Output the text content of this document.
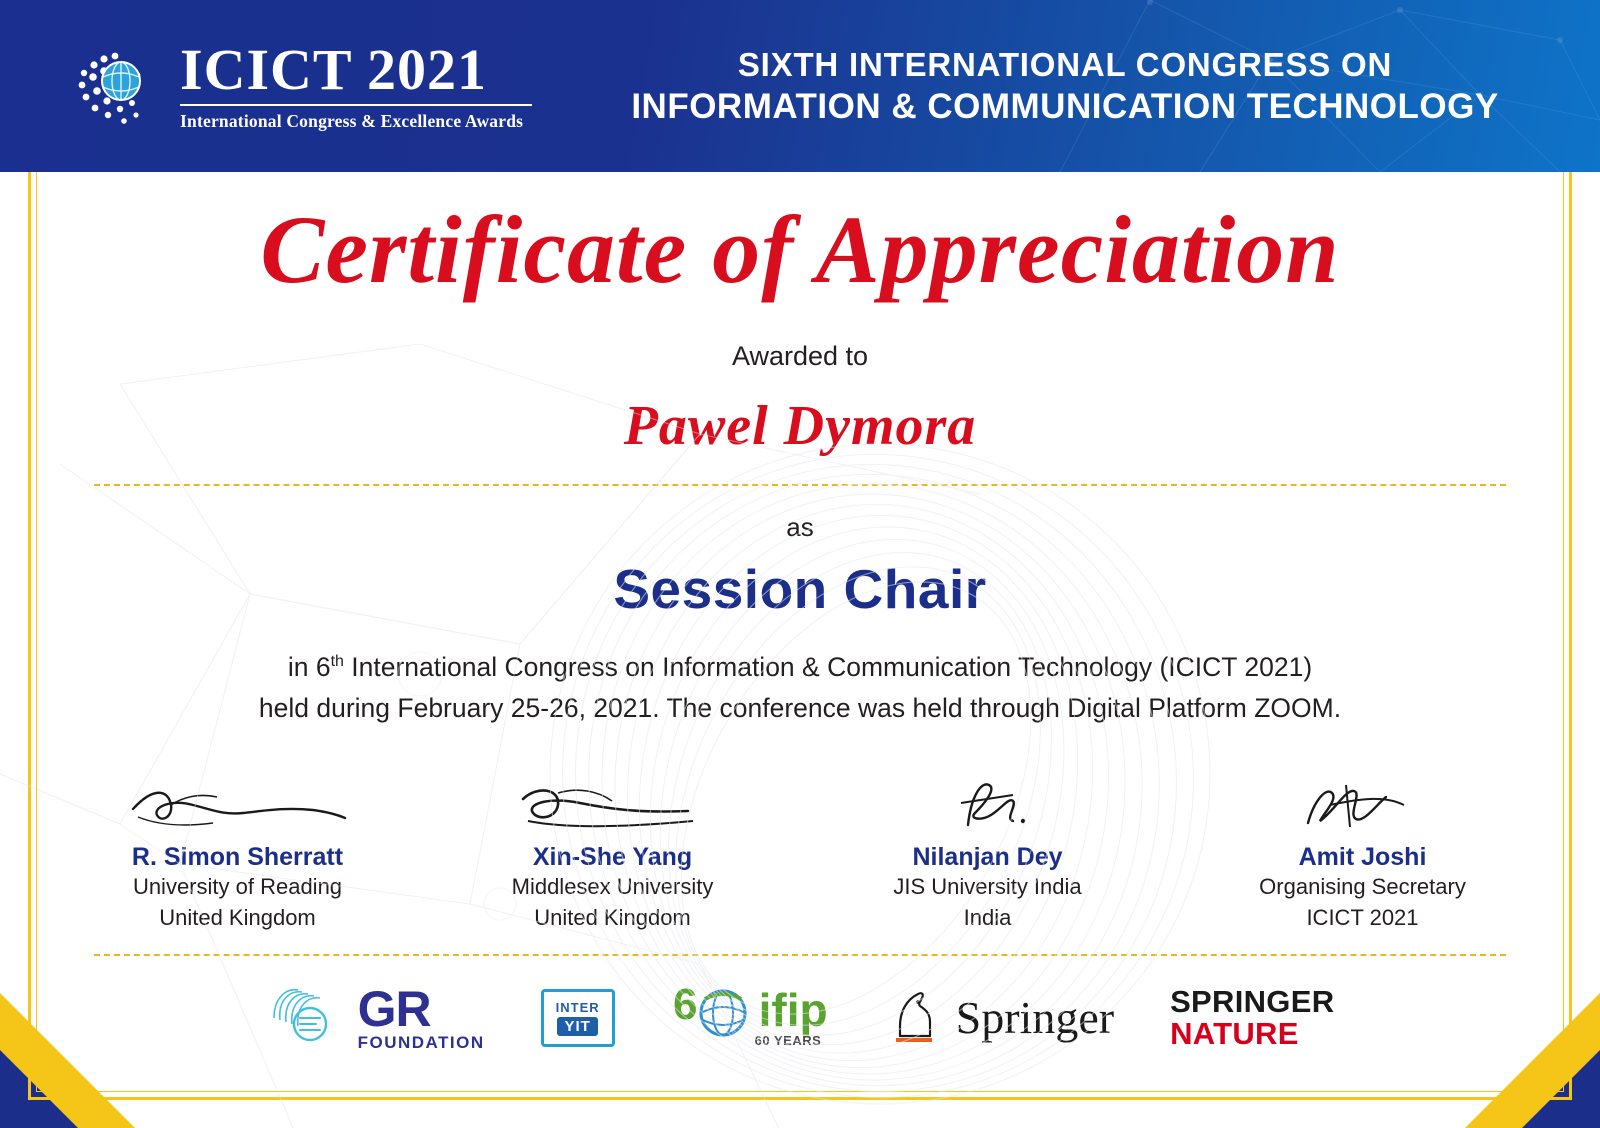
ICICT 2021
International Congress & Excellence Awards
SIXTH INTERNATIONAL CONGRESS ON
INFORMATION & COMMUNICATION TECHNOLOGY
Certificate of Appreciation
Awarded to
Pawel Dymora
as
Session Chair
in 6th International Congress on Information & Communication Technology (ICICT 2021)
held during February 25-26, 2021. The conference was held through Digital Platform ZOOM.
R. Simon Sherratt
University of Reading
United Kingdom
Xin-She Yang
Middlesex University
United Kingdom
Nilanjan Dey
JIS University India
India
Amit Joshi
Organising Secretary
ICICT 2021
GR
FOUNDATION
INTER
YIT 6 ifip
60 YEARS	Springer SPRINGER
NATURE
